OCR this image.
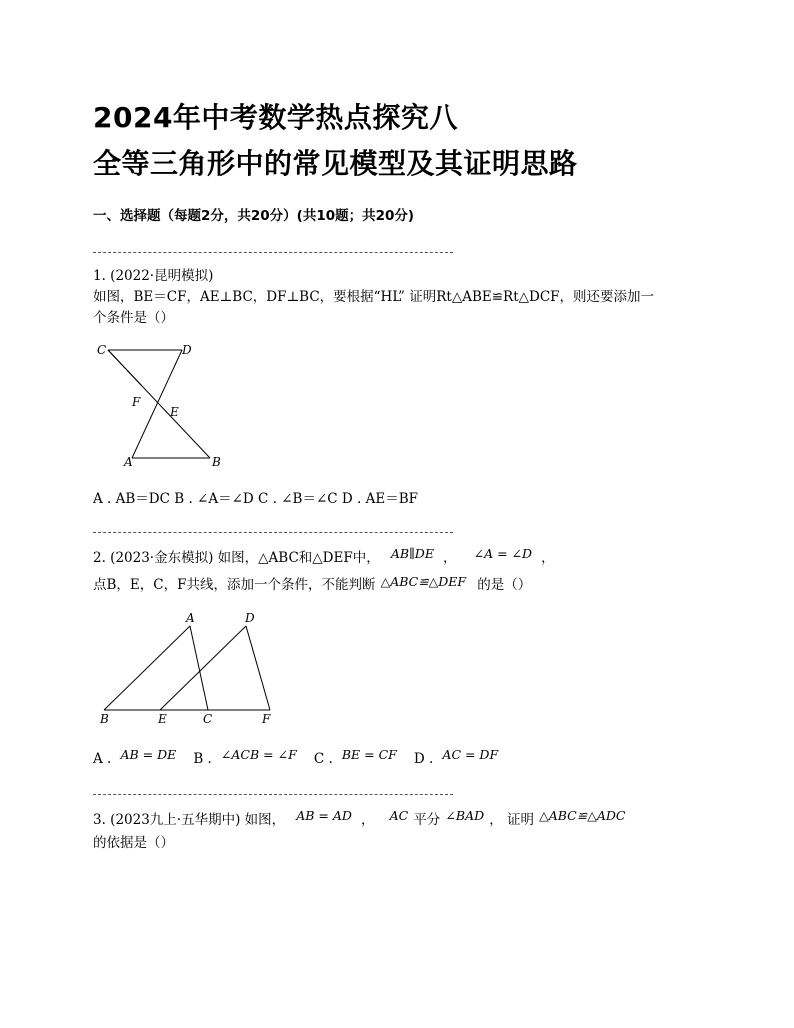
2024年中考数学热点探究八
全等三角形中的常见模型及其证明思路
一、选择题（每题2分，共20分）(共10题；共20分)
1. (2022·昆明模拟)
如图，BE＝CF，AE⊥BC，DF⊥BC，要根据“HL” 证明Rt△ABE≌Rt△DCF，则还要添加一
个条件是（）
C	D
F
E
A	B
A . AB＝DC B . ∠A＝∠D C . ∠B＝∠C D . AE＝BF
2. (2023·金东模拟) 如图，△ABC和△DEF中， $^{AB\parallel DE}$ ， $^{\angle A = \angle D}$ ，
点B，E，C，F共线，添加一个条件，不能判断 △ABC≌△DEF 的是（）
A	D
B	E	C	F
A . $^{AB = DE}$ B . $^{\angle ACB = \angle F}$ C . $^{BE = CF}$ D . $^{AC = DF}$
3. (2023九上·五华期中) 如图， $^{AB = AD}$ ， $^{AC}$ 平分 $^{\angle BAD}$ ， 证明 $^{\triangle ABC≌\triangle ADC}$
的依据是（）
